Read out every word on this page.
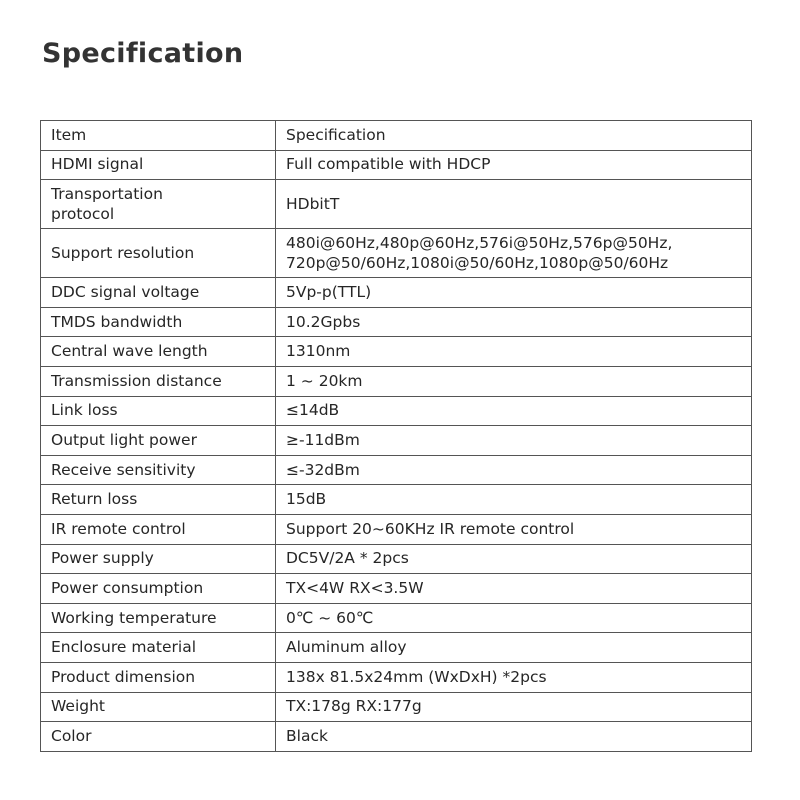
Specification
Item	Specification
HDMI signal	Full compatible with HDCP
Transportation
protocol	HDbitT
Support resolution	480i@60Hz,480p@60Hz,576i@50Hz,576p@50Hz,
720p@50/60Hz,1080i@50/60Hz,1080p@50/60Hz
DDC signal voltage	5Vp-p(TTL)
TMDS bandwidth	10.2Gpbs
Central wave length	1310nm
Transmission distance	1 ~ 20km
Link loss	≤14dB
Output light power	≥-11dBm
Receive sensitivity	≤-32dBm
Return loss	15dB
IR remote control	Support 20~60KHz IR remote control
Power supply	DC5V/2A * 2pcs
Power consumption	TX<4W RX<3.5W
Working temperature	0℃ ~ 60℃
Enclosure material	Aluminum alloy
Product dimension	138x 81.5x24mm (WxDxH) *2pcs
Weight	TX:178g RX:177g
Color	Black
